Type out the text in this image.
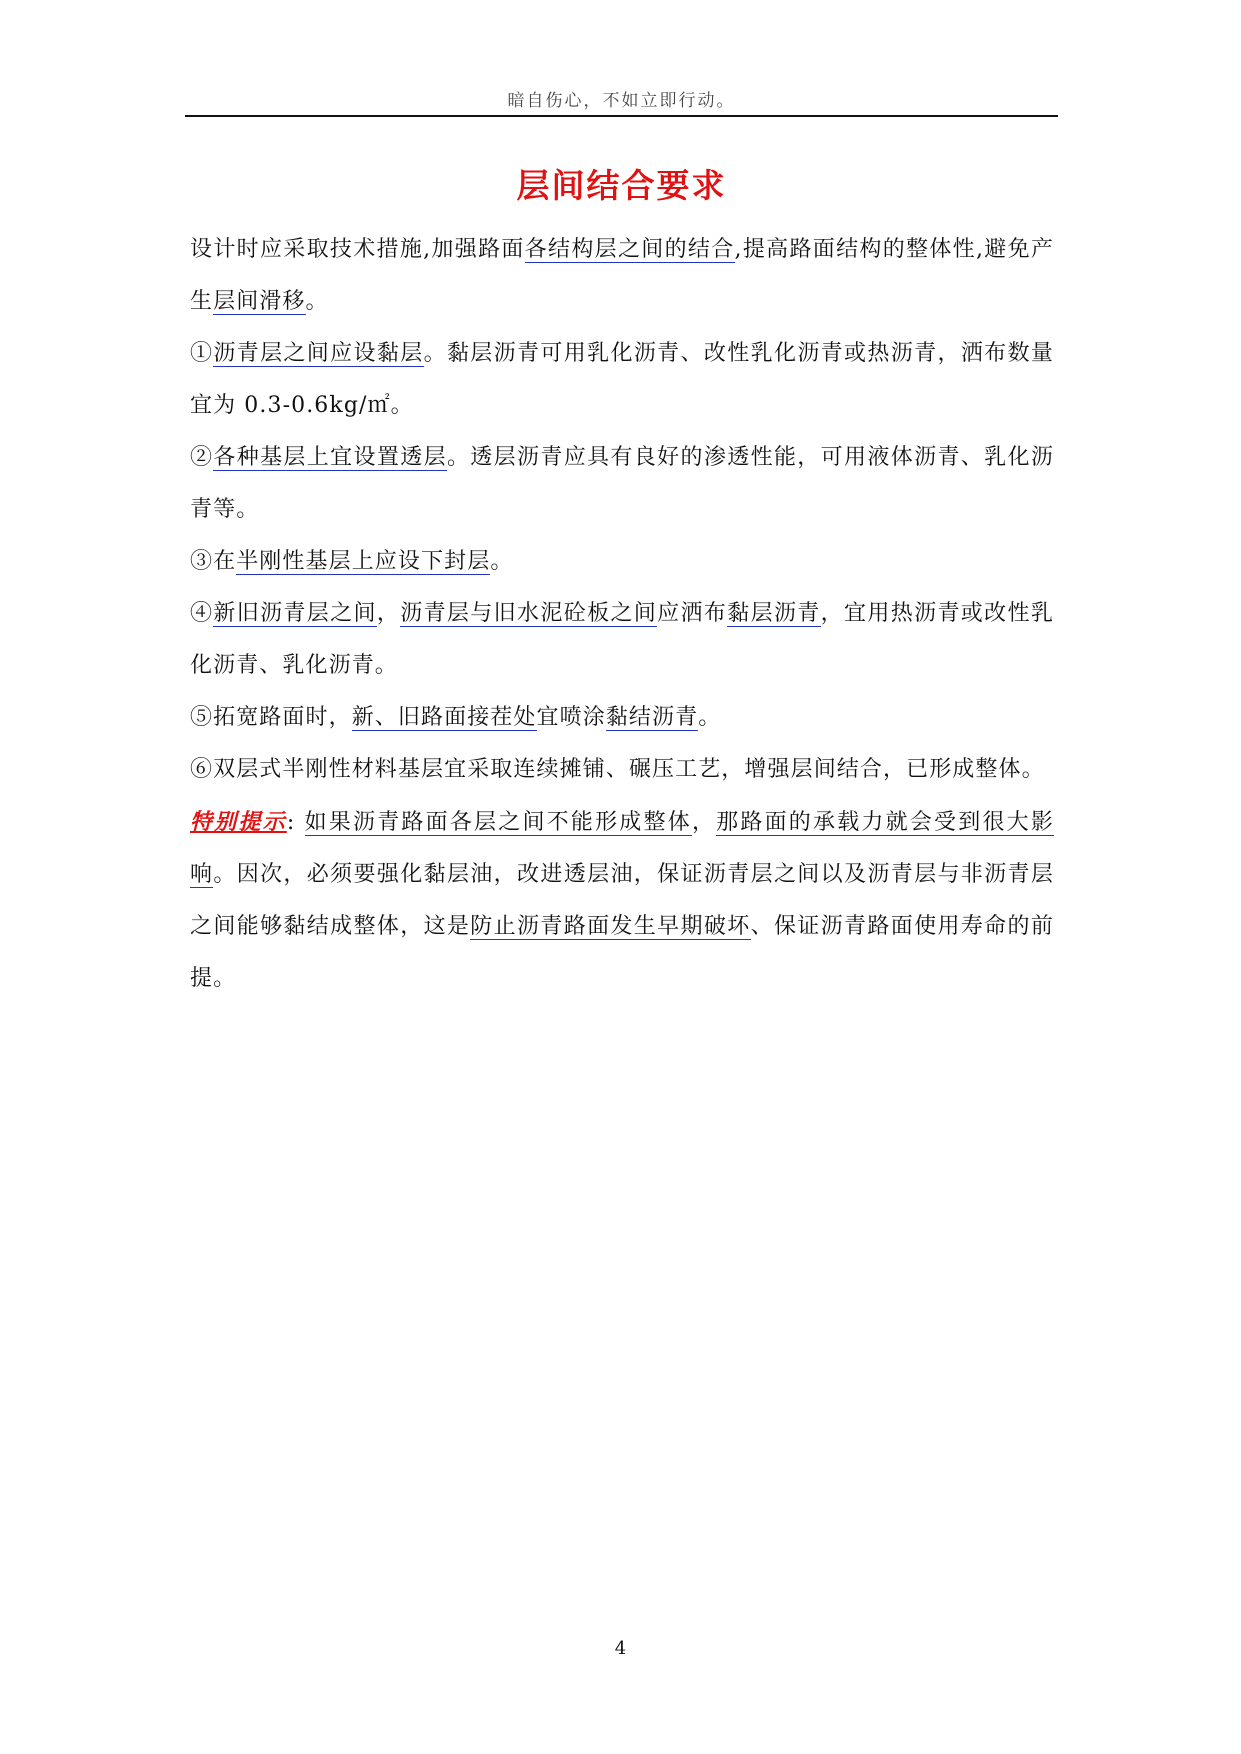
暗自伤心，不如立即行动。
层间结合要求

设计时应采取技术措施,加强路面各结构层之间的结合,提高路面结构的整体性,避免产生层间滑移。

①沥青层之间应设黏层。黏层沥青可用乳化沥青、改性乳化沥青或热沥青，洒布数量宜为 0.3-0.6kg/㎡。

②各种基层上宜设置透层。透层沥青应具有良好的渗透性能，可用液体沥青、乳化沥青等。

③在半刚性基层上应设下封层。

④新旧沥青层之间，沥青层与旧水泥砼板之间应洒布黏层沥青，宜用热沥青或改性乳化沥青、乳化沥青。

⑤拓宽路面时，新、旧路面接茬处宜喷涂黏结沥青。

⑥双层式半刚性材料基层宜采取连续摊铺、碾压工艺，增强层间结合，已形成整体。

特别提示: 如果沥青路面各层之间不能形成整体，那路面的承载力就会受到很大影响。因次，必须要强化黏层油，改进透层油，保证沥青层之间以及沥青层与非沥青层之间能够黏结成整体，这是防止沥青路面发生早期破坏、保证沥青路面使用寿命的前提。

4
